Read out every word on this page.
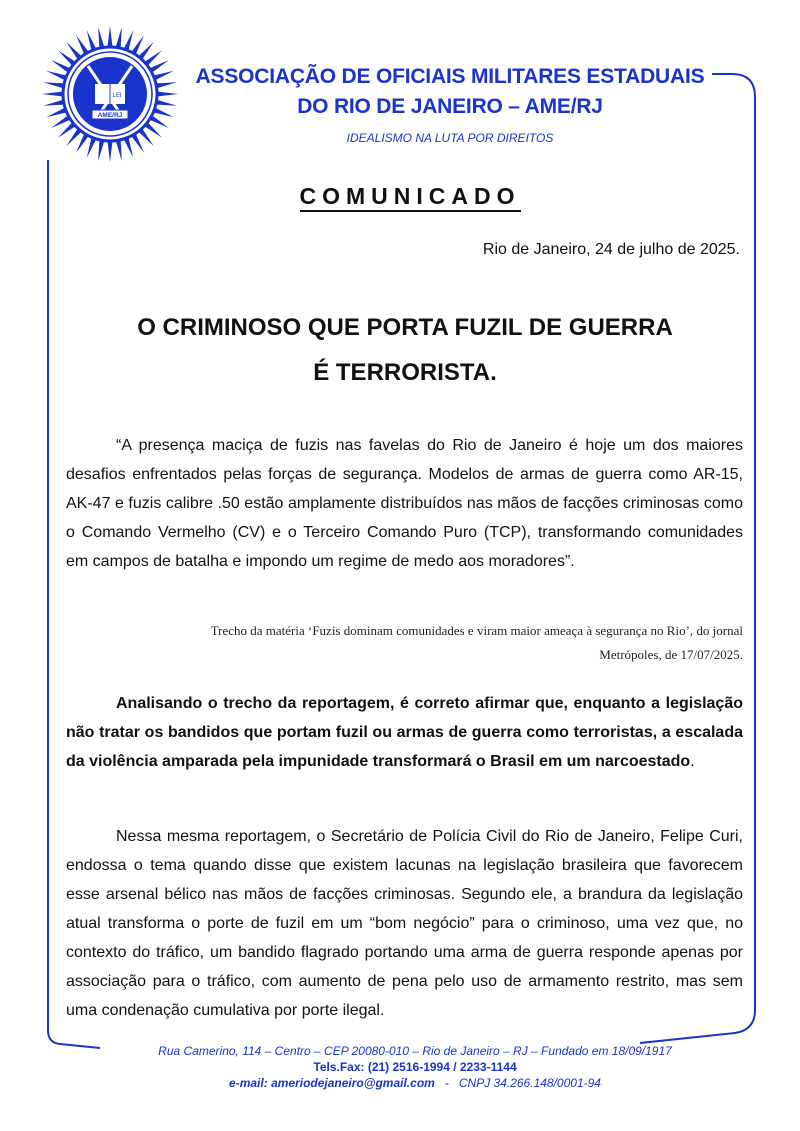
LEI
AME/RJ
ASSOCIAÇÃO DE OFICIAIS MILITARES ESTADUAIS
DO RIO DE JANEIRO – AME/RJ
IDEALISMO NA LUTA POR DIREITOS
COMUNICADO
Rio de Janeiro, 24 de julho de 2025.
O CRIMINOSO QUE PORTA FUZIL DE GUERRA
É TERRORISTA.
“A presença maciça de fuzis nas favelas do Rio de Janeiro é hoje um dos maiores desafios enfrentados pelas forças de segurança. Modelos de armas de guerra como AR-15, AK-47 e fuzis calibre .50 estão amplamente distribuídos nas mãos de facções criminosas como o Comando Vermelho (CV) e o Terceiro Comando Puro (TCP), transformando comunidades em campos de batalha e impondo um regime de medo aos moradores”.
Trecho da matéria ‘Fuzis dominam comunidades e viram maior ameaça à segurança no Rio’, do jornal
Metrópoles, de 17/07/2025.
Analisando o trecho da reportagem, é correto afirmar que, enquanto a legislação não tratar os bandidos que portam fuzil ou armas de guerra como terroristas, a escalada da violência amparada pela impunidade transformará o Brasil em um narcoestado.
Nessa mesma reportagem, o Secretário de Polícia Civil do Rio de Janeiro, Felipe Curi, endossa o tema quando disse que existem lacunas na legislação brasileira que favorecem esse arsenal bélico nas mãos de facções criminosas. Segundo ele, a brandura da legislação atual transforma o porte de fuzil em um “bom negócio” para o criminoso, uma vez que, no contexto do tráfico, um bandido flagrado portando uma arma de guerra responde apenas por associação para o tráfico, com aumento de pena pelo uso de armamento restrito, mas sem uma condenação cumulativa por porte ilegal.
Rua Camerino, 114 – Centro – CEP 20080-010 – Rio de Janeiro – RJ – Fundado em 18/09/1917
Tels.Fax: (21) 2516-1994 / 2233-1144
e-mail: ameriodejaneiro@gmail.com - CNPJ 34.266.148/0001-94
